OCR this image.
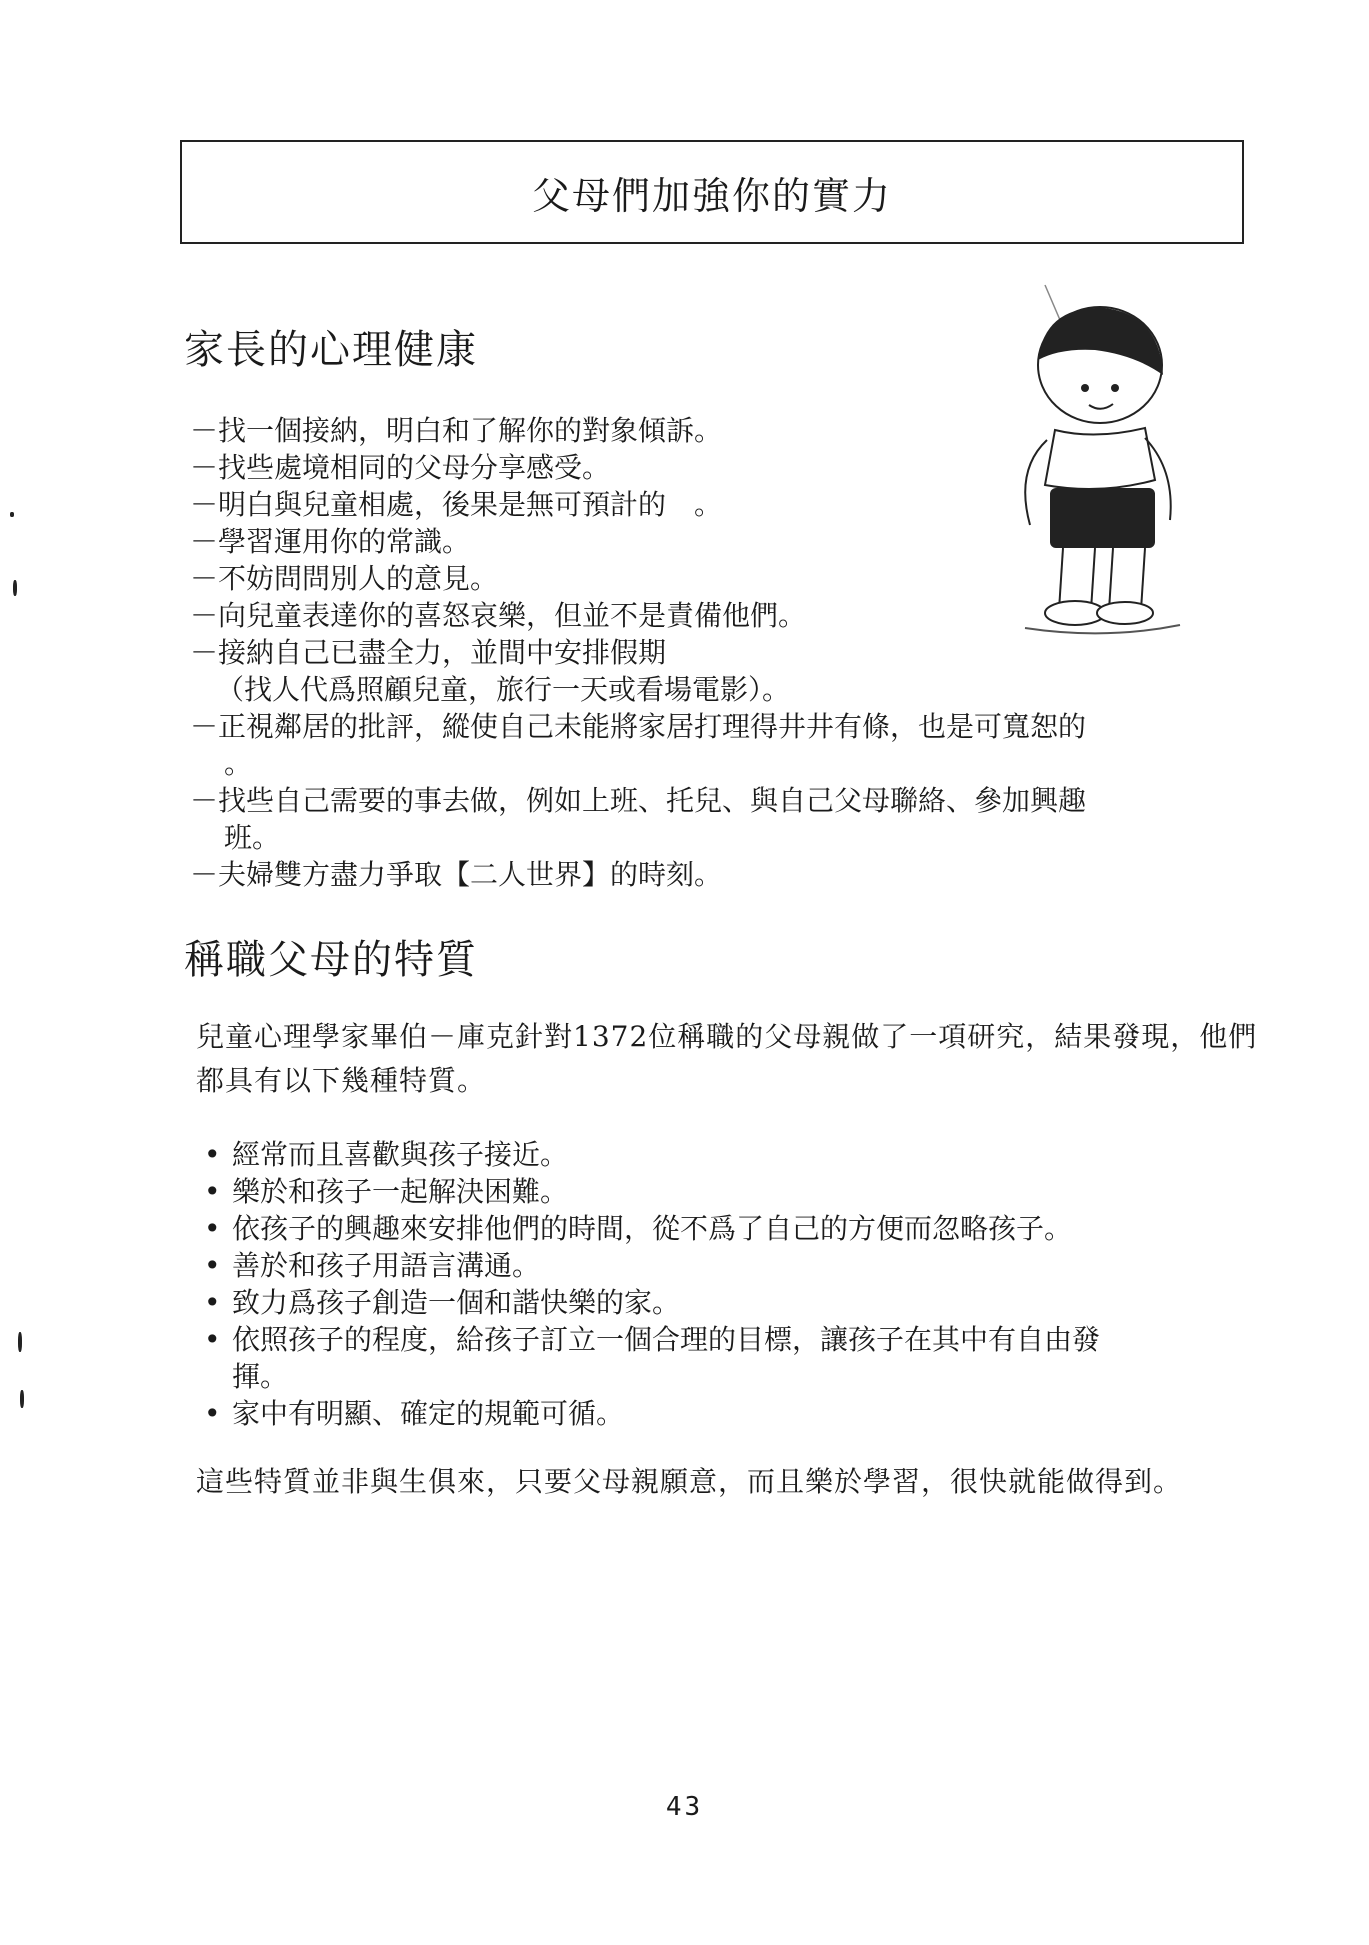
父母們加強你的實力
家長的心理健康
－找一個接納，明白和了解你的對象傾訴。
－找些處境相同的父母分享感受。
－明白與兒童相處，後果是無可預計的　。
－學習運用你的常識。
－不妨問問別人的意見。
－向兒童表達你的喜怒哀樂，但並不是責備他們。
－接納自己已盡全力，並間中安排假期
（找人代爲照顧兒童，旅行一天或看場電影）。
－正視鄰居的批評，縱使自己未能將家居打理得井井有條，也是可寬恕的
。
－找些自己需要的事去做，例如上班、托兒、與自己父母聯絡、參加興趣
班。
－夫婦雙方盡力爭取【二人世界】的時刻。
稱職父母的特質

兒童心理學家畢伯－庫克針對1372位稱職的父母親做了一項研究，結果發現，他們都具有以下幾種特質。

• 經常而且喜歡與孩子接近。
• 樂於和孩子一起解決困難。
• 依孩子的興趣來安排他們的時間，從不爲了自己的方便而忽略孩子。
• 善於和孩子用語言溝通。
• 致力爲孩子創造一個和諧快樂的家。
• 依照孩子的程度，給孩子訂立一個合理的目標，讓孩子在其中有自由發
揮。
• 家中有明顯、確定的規範可循。

這些特質並非與生俱來，只要父母親願意，而且樂於學習，很快就能做得到。

43
